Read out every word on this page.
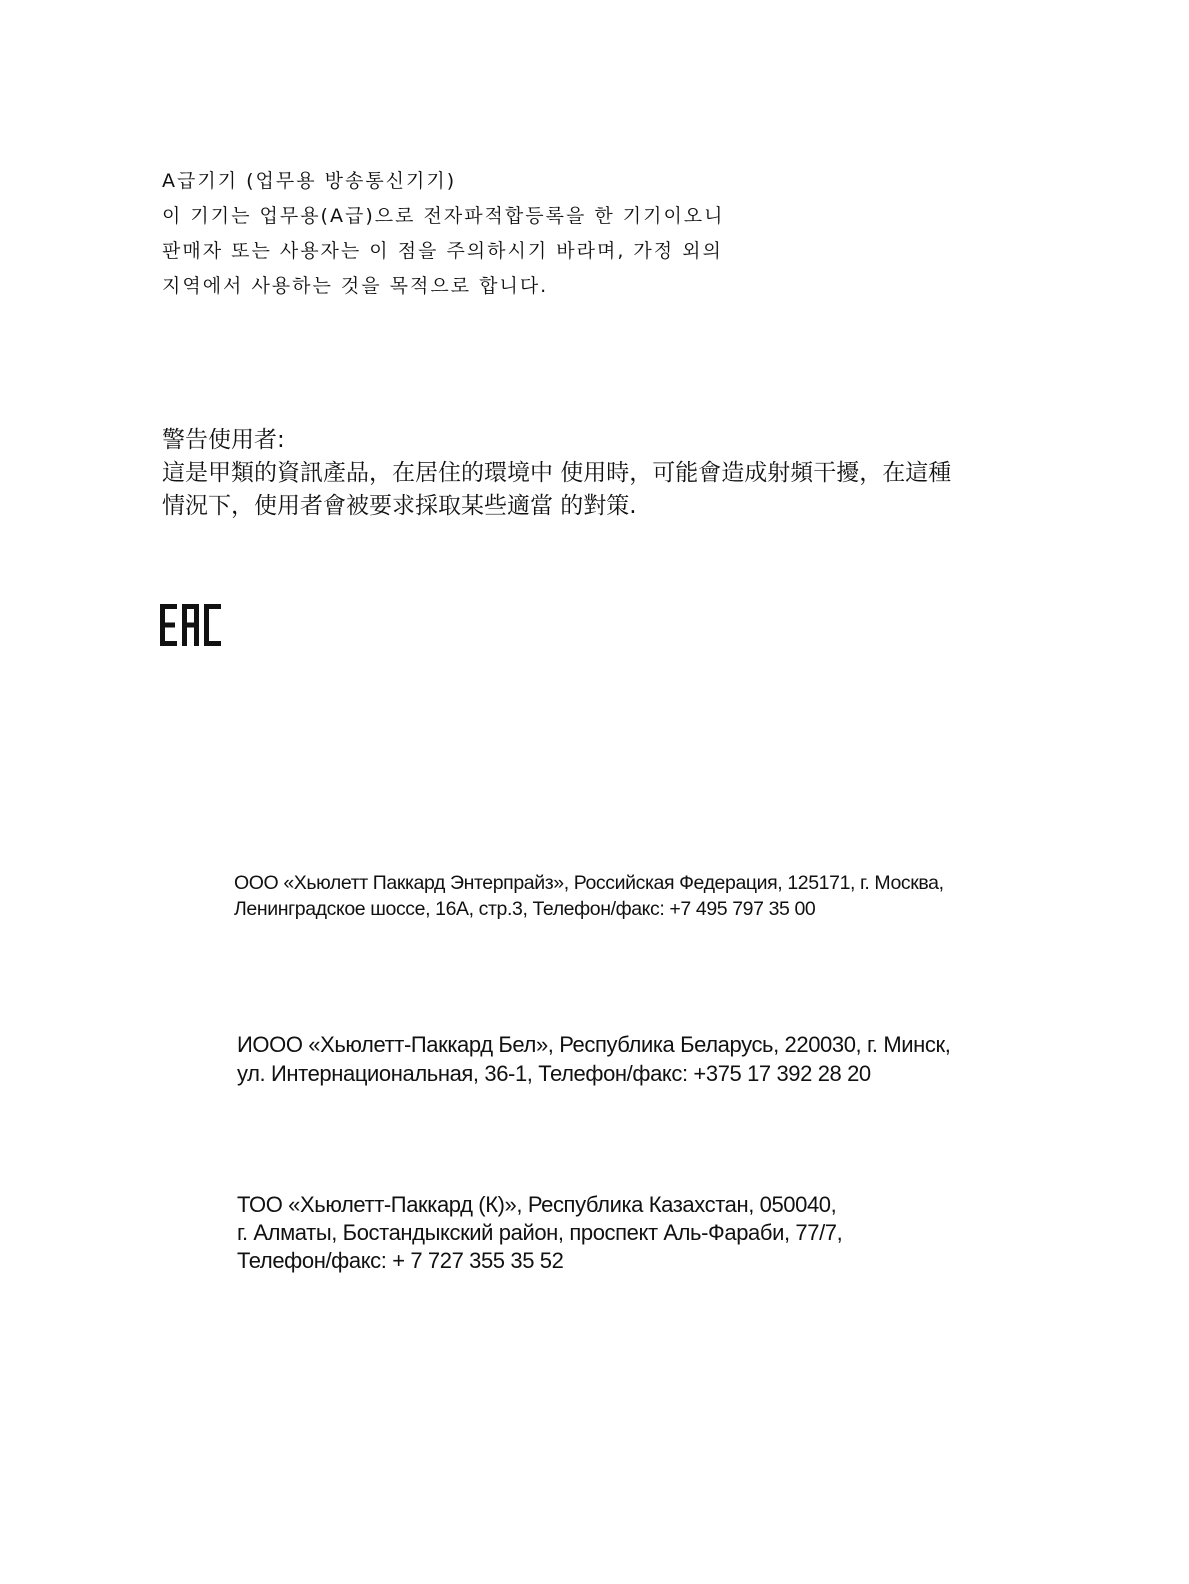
A급기기 (업무용 방송통신기기)
이 기기는 업무용(A급)으로 전자파적합등록을 한 기기이오니
판매자 또는 사용자는 이 점을 주의하시기 바라며, 가정 외의
지역에서 사용하는 것을 목적으로 합니다.
警告使用者:
這是甲類的資訊產品，在居住的環境中 使用時，可能會造成射頻干擾，在這種
情況下，使用者會被要求採取某些適當 的對策.
ООО «Хьюлетт Паккард Энтерпрайз», Российская Федерация, 125171, г. Москва,
Ленинградское шоссе, 16А, стр.3, Телефон/факс: +7 495 797 35 00
ИООО «Хьюлетт-Паккард Бел», Республика Беларусь, 220030, г. Минск,
ул. Интернациональная, 36-1, Телефон/факс: +375 17 392 28 20
ТОО «Хьюлетт-Паккард (К)», Республика Казахстан, 050040,
г. Алматы, Бостандыкский район, проспект Аль-Фараби, 77/7,
Телефон/факс: + 7 727 355 35 52
